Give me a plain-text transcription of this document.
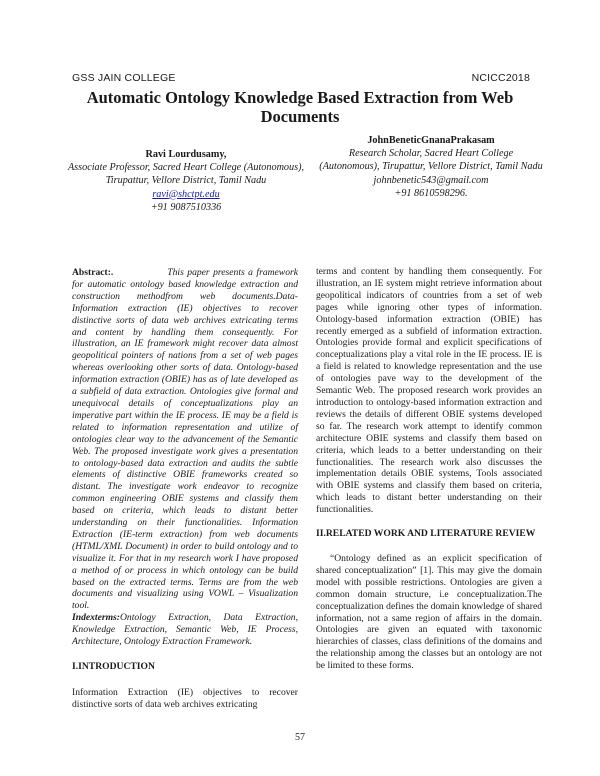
GSS JAIN COLLEGE	NCICC2018
Automatic Ontology Knowledge Based Extraction from Web Documents
Ravi Lourdusamy,
Associate Professor, Sacred Heart College (Autonomous), Tirupattur, Vellore District, Tamil Nadu
ravi@shctpt.edu
+91 9087510336
JohnBeneticGnanaPrakasam
Research Scholar, Sacred Heart College (Autonomous), Tirupattur, Vellore District, Tamil Nadu
johnbenetic543@gmail.com
+91 8610598296.

Abstract:.	This paper presents a framework for automatic ontology based knowledge extraction and construction methodfrom web documents.Data-Information extraction (IE) objectives to recover distinctive sorts of data web archives extricating terms and content by handling them consequently. For illustration, an IE framework might recover data almost geopolitical pointers of nations from a set of web pages whereas overlooking other sorts of data. Ontology-based information extraction (OBIE) has as of late developed as a subfield of data extraction. Ontologies give formal and unequivocal details of conceptualizations play an imperative part within the IE process. IE may be a field is related to information representation and utilize of ontologies clear way to the advancement of the Semantic Web. The proposed investigate work gives a presentation to ontology-based data extraction and audits the subtle elements of distinctive OBIE frameworks created so distant. The investigate work endeavor to recognize common engineering OBIE systems and classify them based on criteria, which leads to distant better understanding on their functionalities. Information Extraction (IE-term extraction) from web documents (HTML/XML Document) in order to build ontology and to visualize it. For that in my research work I have proposed a method of or process in which ontology can be build based on the extracted terms. Terms are from the web documents and visualizing using VOWL – Visualization tool.

Indexterms:Ontology Extraction, Data Extraction, Knowledge Extraction, Semantic Web, IE Process, Architecture, Ontology Extraction Framework.

I.INTRODUCTION

Information Extraction (IE) objectives to recover distinctive sorts of data web archives extricating

terms and content by handling them consequently. For illustration, an IE system might retrieve information about geopolitical indicators of countries from a set of web pages while ignoring other types of information. Ontology-based information extraction (OBIE) has recently emerged as a subfield of information extraction. Ontologies provide formal and explicit specifications of conceptualizations play a vital role in the IE process. IE is a field is related to knowledge representation and the use of ontologies pave way to the development of the Semantic Web. The proposed research work provides an introduction to ontology-based information extraction and reviews the details of different OBIE systems developed so far. The research work attempt to identify common architecture OBIE systems and classify them based on criteria, which leads to a better understanding on their functionalities. The research work also discusses the implementation details OBIE systems, Tools associated with OBIE systems and classify them based on criteria, which leads to distant better understanding on their functionalities.

II.RELATED WORK AND LITERATURE REVIEW

“Ontology defined as an explicit specification of shared conceptualization” [1]. This may give the domain model with possible restrictions. Ontologies are given a common domain structure, i.e conceptualization.The conceptualization defines the domain knowledge of shared information, not a same region of affairs in the domain. Ontologies are given an equated with taxonomic hierarchies of classes, class definitions of the domains and the relationship among the classes but an ontology are not be limited to these forms.

57
